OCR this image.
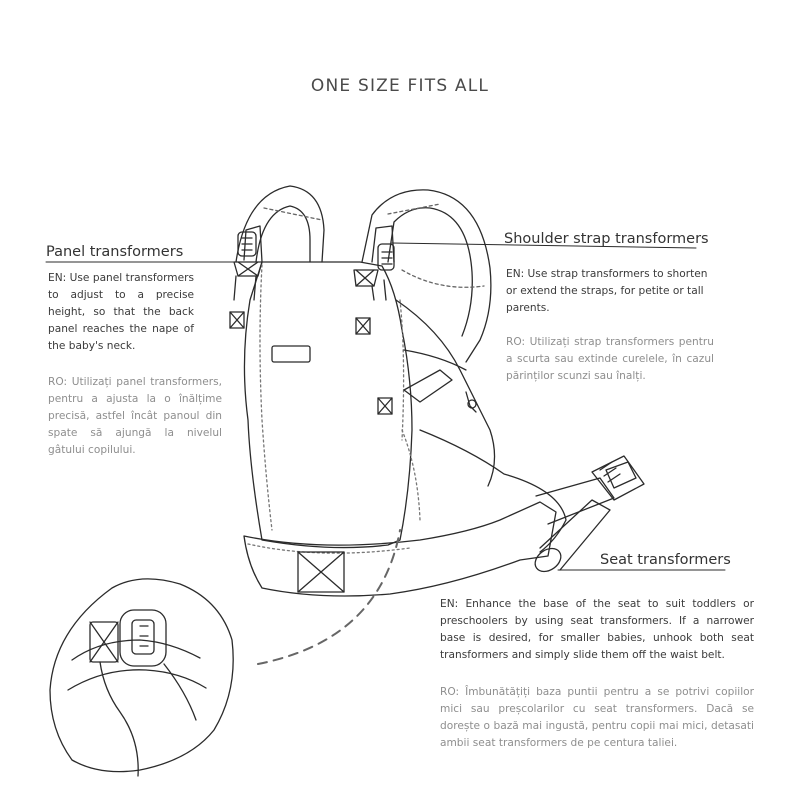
ONE SIZE FITS ALL
Panel transformers

EN: Use panel transformers to adjust to a precise height, so that the back panel reaches the nape of the baby's neck.

RO: Utilizați panel transformers, pentru a ajusta la o înălțime precisă, astfel încât panoul din spate să ajungă la nivelul gâtului copilului.

Shoulder strap transformers

EN: Use strap transformers to shorten or extend the straps, for petite or tall parents.

RO: Utilizați strap transformers pentru a scurta sau extinde curelele, în cazul părinților scunzi sau înalți.

Seat transformers

EN: Enhance the base of the seat to suit toddlers or preschoolers by using seat transformers. If a narrower base is desired, for smaller babies, unhook both seat transformers and simply slide them off the waist belt.

RO: Îmbunătățiți baza puntii pentru a se potrivi copiilor mici sau preșcolarilor cu seat transformers. Dacă se dorește o bază mai ingustă, pentru copii mai mici, detasati ambii seat transformers de pe centura taliei.
